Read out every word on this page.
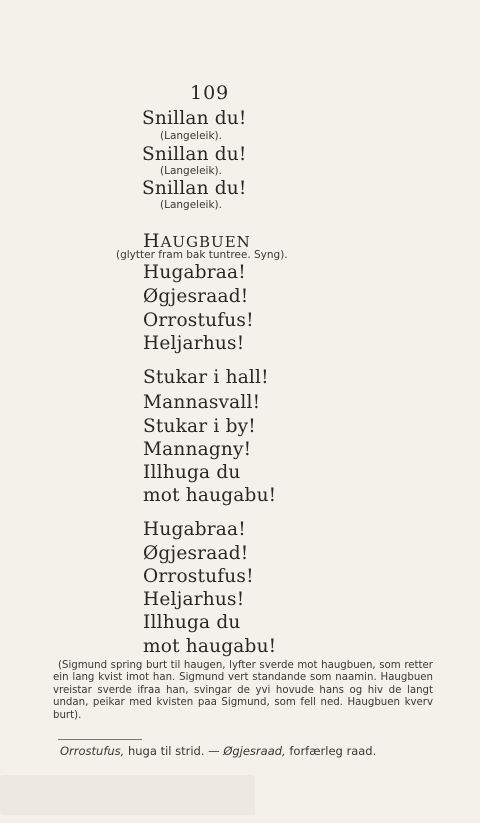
109
Snillan du!
(Langeleik).
Snillan du!
(Langeleik).
Snillan du!
(Langeleik).
HAUGBUEN
(glytter fram bak tuntree. Syng).
Hugabraa!
Øgjesraad!
Orrostufus!
Heljarhus!
Stukar i hall!
Mannasvall!
Stukar i by!
Mannagny!
Illhuga du
mot haugabu!
Hugabraa!
Øgjesraad!
Orrostufus!
Heljarhus!
Illhuga du
mot haugabu!

(Sigmund spring burt til haugen, lyfter sverde mot haugbuen, som retter ein lang kvist imot han. Sigmund vert standande som naamin. Haugbuen vreistar sverde ifraa han, svingar de yvi hovude hans og hiv de langt undan, peikar med kvisten paa Sigmund, som fell ned. Haugbuen kverv burt).

Orrostufus, huga til strid. — Øgjesraad, forfærleg raad.
